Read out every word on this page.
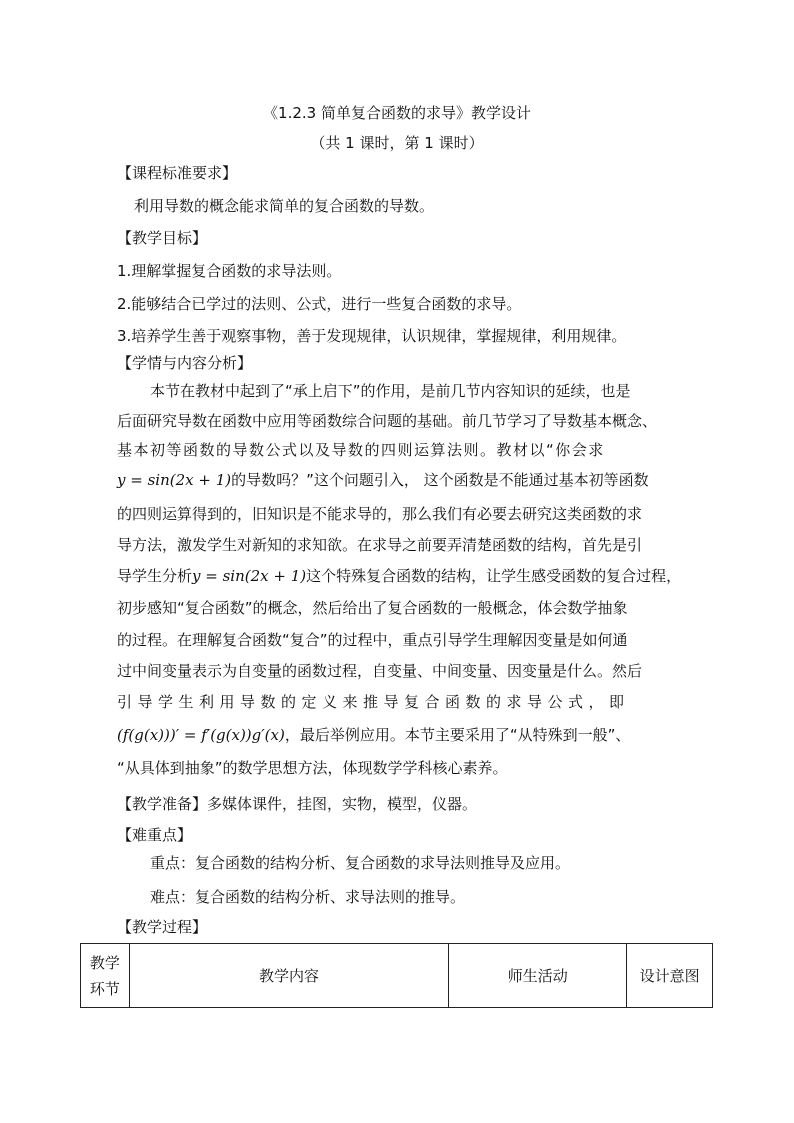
《1.2.3 简单复合函数的求导》教学设计
（共 1 课时，第 1 课时）
【课程标准要求】
利用导数的概念能求简单的复合函数的导数。
【教学目标】
1.理解掌握复合函数的求导法则。
2.能够结合已学过的法则、公式，进行一些复合函数的求导。
3.培养学生善于观察事物，善于发现规律，认识规律，掌握规律，利用规律。
【学情与内容分析】
本节在教材中起到了“承上启下”的作用，是前几节内容知识的延续，也是
后面研究导数在函数中应用等函数综合问题的基础。前几节学习了导数基本概念、
基本初等函数的导数公式以及导数的四则运算法则。教材以“你会求
y = sin(2x + 1)的导数吗？”这个问题引入， 这个函数是不能通过基本初等函数
的四则运算得到的，旧知识是不能求导的，那么我们有必要去研究这类函数的求
导方法，激发学生对新知的求知欲。在求导之前要弄清楚函数的结构，首先是引
导学生分析y = sin(2x + 1)这个特殊复合函数的结构，让学生感受函数的复合过程，
初步感知“复合函数”的概念，然后给出了复合函数的一般概念，体会数学抽象
的过程。在理解复合函数“复合”的过程中，重点引导学生理解因变量是如何通
过中间变量表示为自变量的函数过程，自变量、中间变量、因变量是什么。然后
引导学生利用导数的定义来推导复合函数的求导公式，即
(f(g(x)))′ = f′(g(x))g′(x)，最后举例应用。本节主要采用了“从特殊到一般”、
“从具体到抽象”的数学思想方法，体现数学学科核心素养。
【教学准备】多媒体课件，挂图，实物，模型，仪器。
【难重点】
重点：复合函数的结构分析、复合函数的求导法则推导及应用。
难点：复合函数的结构分析、求导法则的推导。
【教学过程】
教学
环节
	教学内容	师生活动	设计意图
